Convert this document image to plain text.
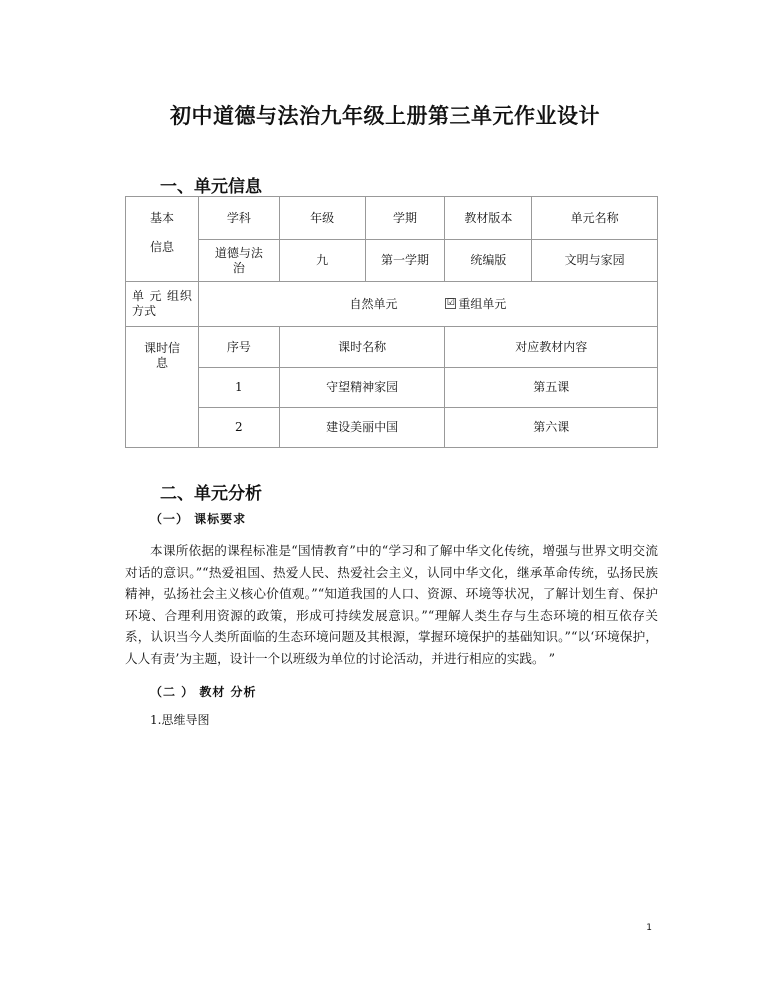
初中道德与法治九年级上册第三单元作业设计
一、单元信息
基本
信息	学科	年级	学期	教材版本	单元名称
	道德与法治	九	第一学期	统编版	文明与家园
单 元 组织 方式	自然单元 ☑ 重组单元				
课时信息	序号	课时名称		对应教材内容	
	1	守望精神家园		第五课	
	2	建设美丽中国		第六课	
二、单元分析
（一） 课标要求
本课所依据的课程标准是“国情教育”中的“学习和了解中华文化传统，增强与世界文明交流对话的意识。”“热爱祖国、热爱人民、热爱社会主义，认同中华文化，继承革命传统，弘扬民族精神，弘扬社会主义核心价值观。”“知道我国的人口、资源、环境等状况，了解计划生育、保护环境、合理利用资源的政策，形成可持续发展意识。”“理解人类生存与生态环境的相互依存关系，认识当今人类所面临的生态环境问题及其根源，掌握环境保护的基础知识。”“以‘环境保护，人人有责’为主题，设计一个以班级为单位的讨论活动，并进行相应的实践。 ”
（二 ） 教材 分析
1.思维导图
1
